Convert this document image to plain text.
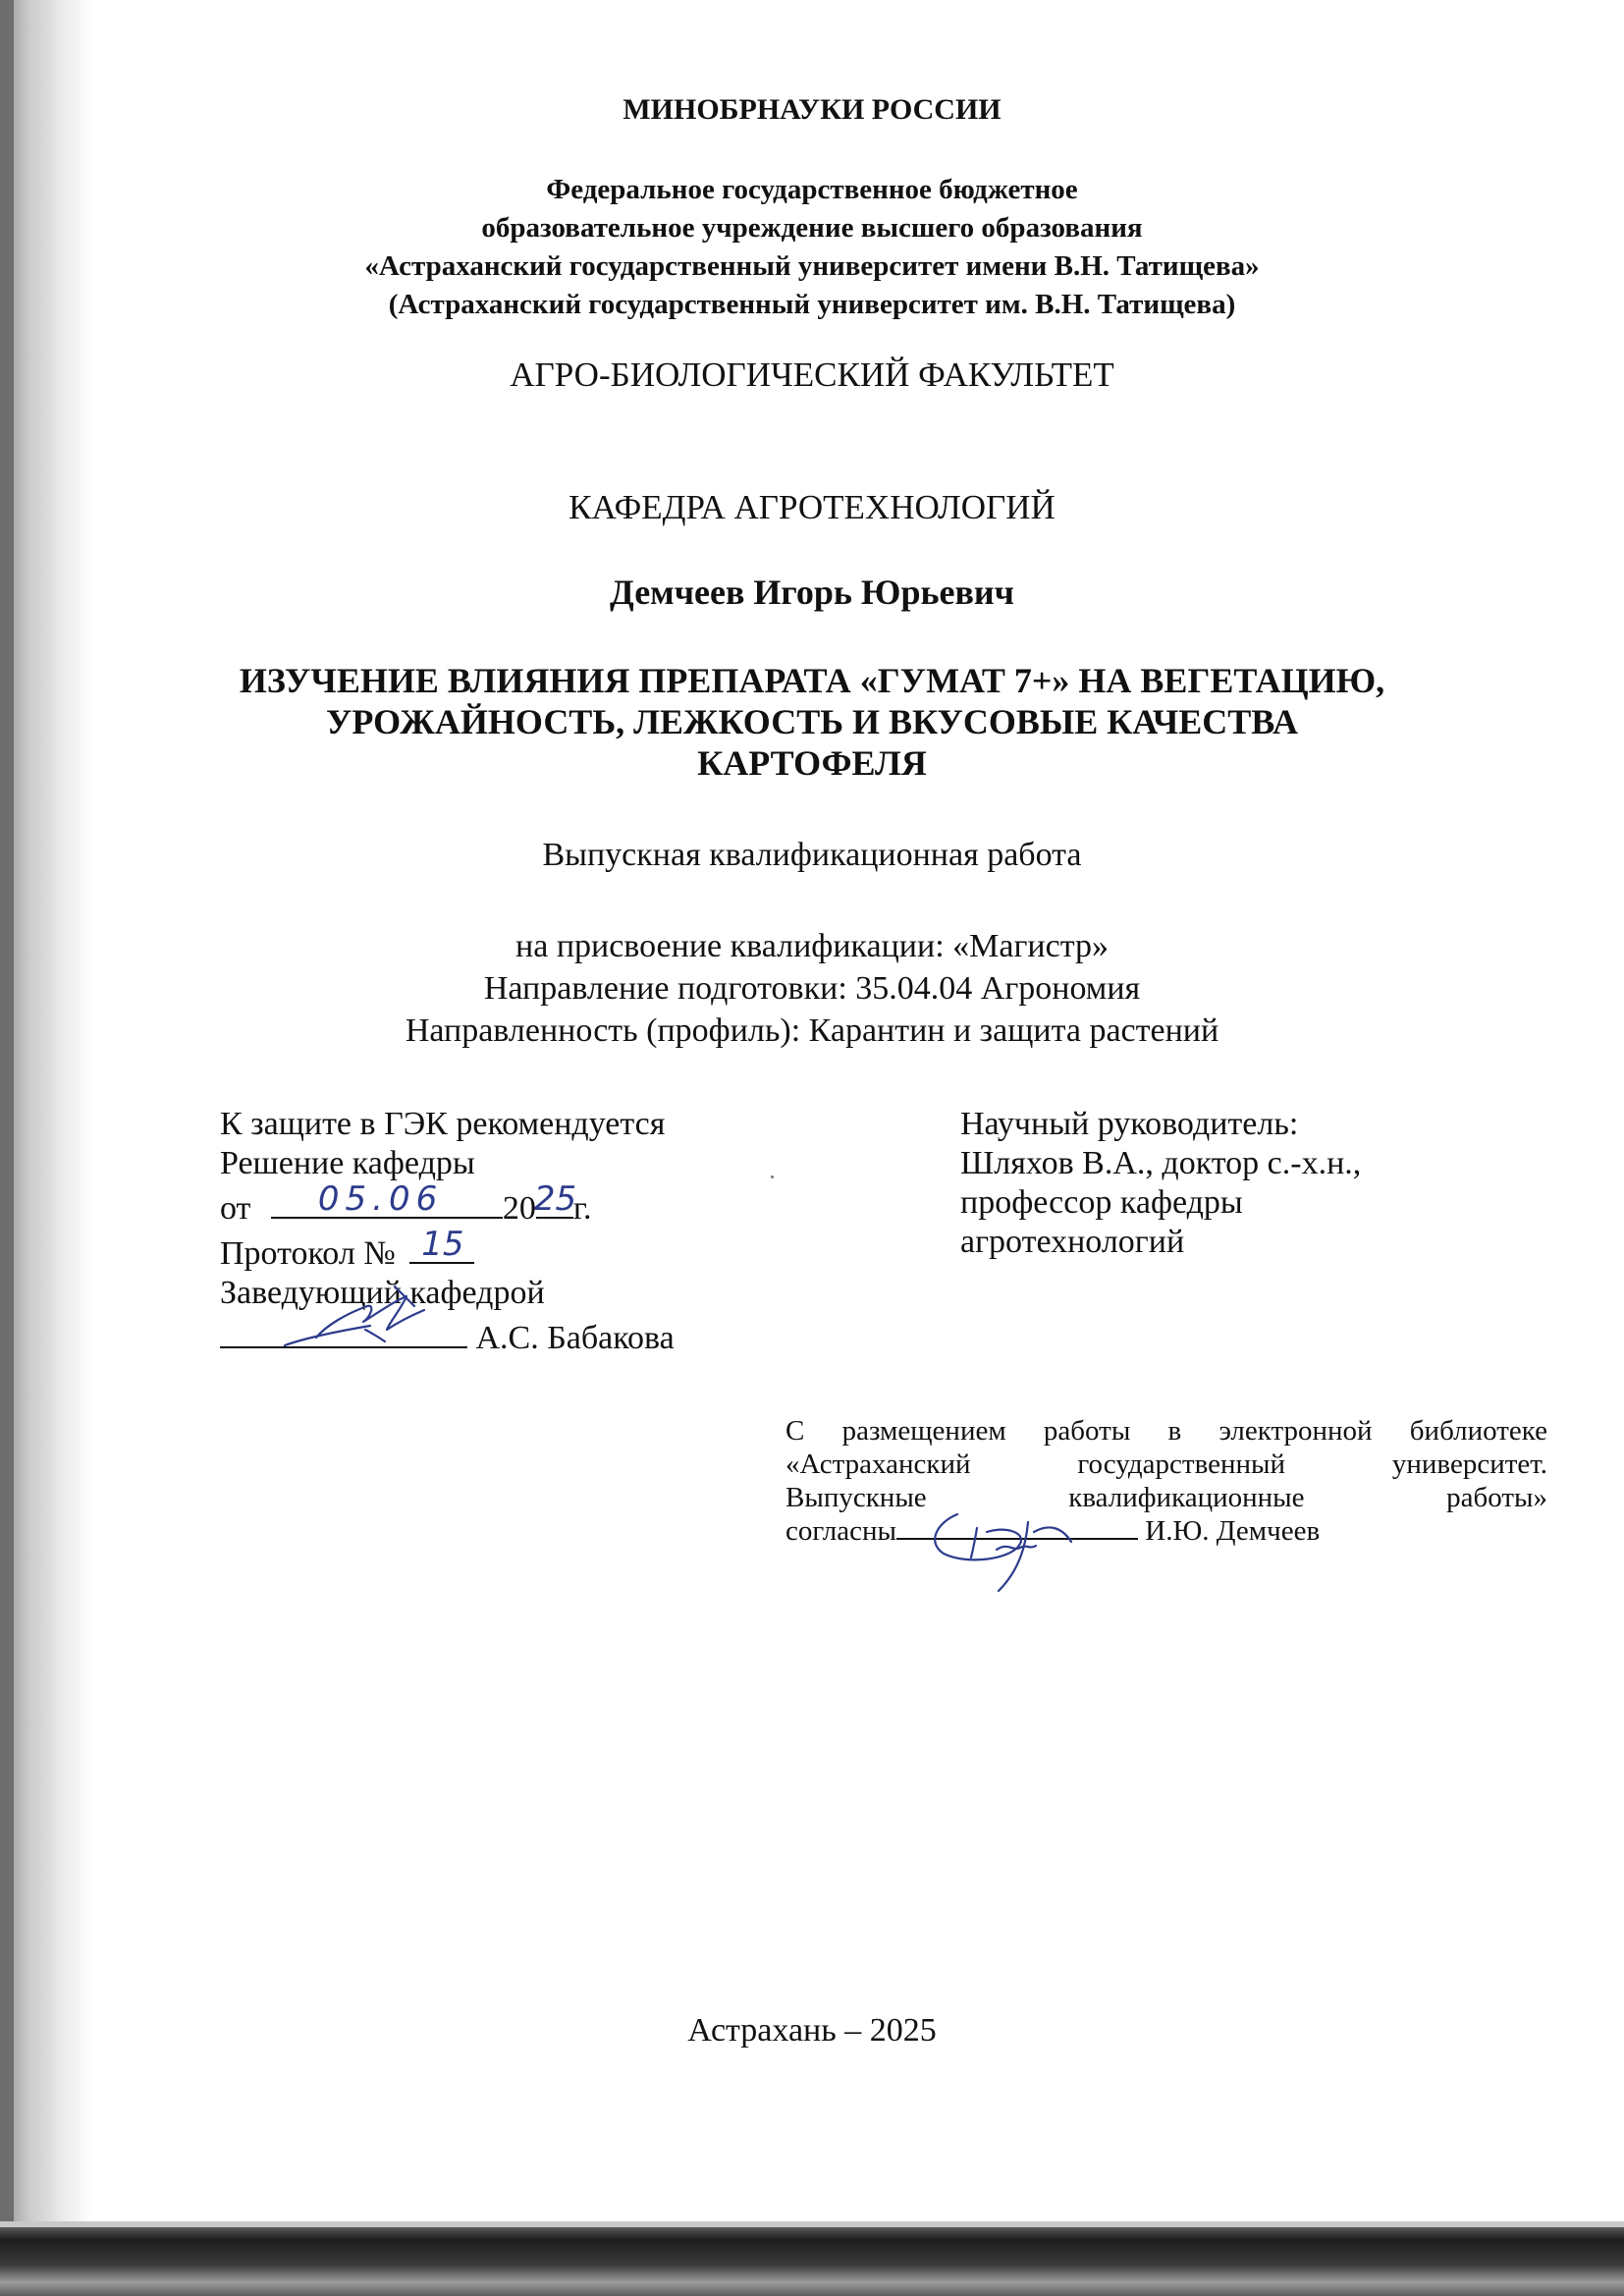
МИНОБРНАУКИ РОССИИ
Федеральное государственное бюджетное
образовательное учреждение высшего образования
«Астраханский государственный университет имени В.Н. Татищева»
(Астраханский государственный университет им. В.Н. Татищева)
АГРО-БИОЛОГИЧЕСКИЙ ФАКУЛЬТЕТ
КАФЕДРА АГРОТЕХНОЛОГИЙ
Демчеев Игорь Юрьевич
ИЗУЧЕНИЕ ВЛИЯНИЯ ПРЕПАРАТА «ГУМАТ 7+» НА ВЕГЕТАЦИЮ,
УРОЖАЙНОСТЬ, ЛЕЖКОСТЬ И ВКУСОВЫЕ КАЧЕСТВА
КАРТОФЕЛЯ
Выпускная квалификационная работа
на присвоение квалификации: «Магистр»
Направление подготовки: 35.04.04 Агрономия
Направленность (профиль): Карантин и защита растений
К защите в ГЭК рекомендуется
Решение кафедры
от 05.06 20
25
г.
Протокол № 15
Заведующий кафедрой
А.С. Бабакова
Научный руководитель:
Шляхов В.А., доктор с.-х.н.,
профессор кафедры
агротехнологий
С размещением работы в электронной библиотеке
«Астраханский государственный университет.
Выпускные квалификационные работы»
согласны	И.Ю. Демчеев
Астрахань – 2025
